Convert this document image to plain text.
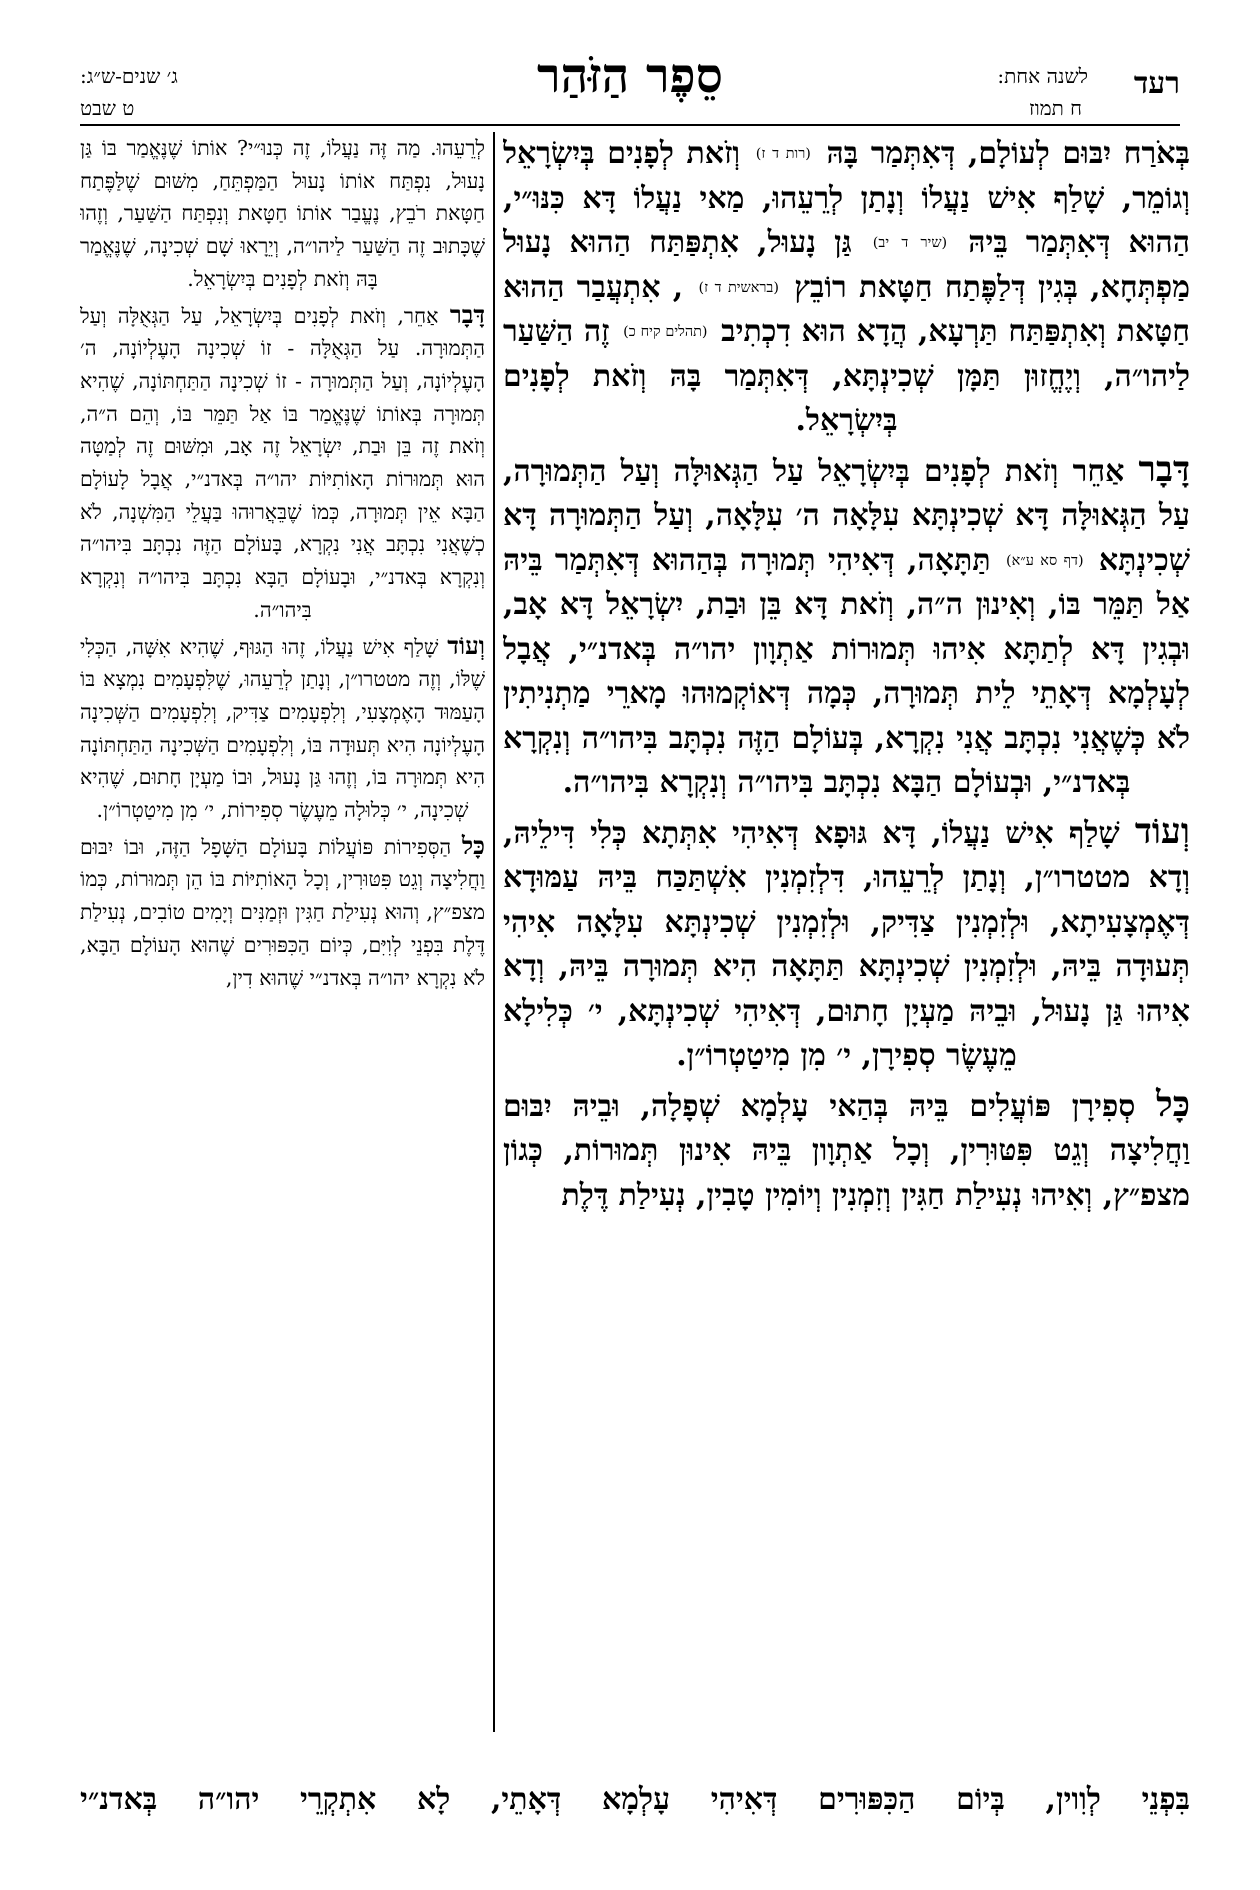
רעד
לשנה אחת:
ח תמוז
סֵפֶר הַזֹּהַר
ג׳ שנים-ש״ג:
ט שבט

בְּאֹרַח יִבּוּם לְעוֹלָם, דְּאִתְּמַר בָּהּ (רות ד ז) וְזֹאת לְפָנִים בְּיִשְׂרָאֵל וְגוֹמֵר, שָׁלַף אִישׁ נַעֲלוֹ וְנָתַן לְרֵעֵהוּ, מַאי נַעֲלוֹ דָּא כִּנּוּ״י, הַהוּא דְּאִתְּמַר בֵּיהּ (שיר ד יב) גַּן נָעוּל, אִתְפַּתַּח הַהוּא נָעוּל מַפְתְּחָא, בְּגִין דְּלַפֶּתַח חַטָּאת רוֹבֵץ (בראשית ד ז) , אִתְעֲבַר הַהוּא חַטָּאת וְאִתְפַּתַּח תַּרְעָא, הֲדָא הוּא דִכְתִיב (תהלים קיח כ) זֶה הַשַּׁעַר לַיהו״ה, וְיֶחֱזוּן תַּמָּן שְׁכִינְתָּא, דְּאִתְּמַר בָּהּ וְזֹאת לְפָנִים בְּיִשְׂרָאֵל.

דָּבָר אַחֵר וְזֹאת לְפָנִים בְּיִשְׂרָאֵל עַל הַגְּאוּלָּה וְעַל הַתְּמוּרָה, עַל הַגְּאוּלָּה דָּא שְׁכִינְתָּא עִלָּאָה ה׳ עִלָּאָה, וְעַל הַתְּמוּרָה דָּא שְׁכִינְתָּא (דף סא ע״א) תַּתָּאָה, דְּאִיהִי תְּמוּרָה בְּהַהוּא דְּאִתְּמַר בֵּיהּ אַל תַּמֵּר בּוֹ, וְאִינוּן ה״ה, וְזֹאת דָּא בֵּן וּבַת, יִשְׂרָאֵל דָּא אָב, וּבְגִין דָּא לְתַתָּא אִיהוּ תְּמוּרוֹת אַתְוָון יהו״ה בְּאדנ״י, אֲבָל לְעָלְמָא דְּאָתֵי לֵית תְּמוּרָה, כְּמָה דְּאוֹקְמוּהוּ מָארֵי מַתְנִיתִין לֹא כְּשֶׁאֲנִי נִכְתָּב אֲנִי נִקְרָא, בְּעוֹלָם הַזֶּה נִכְתָּב בִּיהו״ה וְנִקְרָא בְּאדנ״י, וּבְעוֹלָם הַבָּא נִכְתָּב בִּיהו״ה וְנִקְרָא בִּיהו״ה.

וְעוֹד שָׁלַף אִישׁ נַעֲלוֹ, דָּא גּוּפָא דְּאִיהִי אִתְּתָא כְּלִי דִּילֵיהּ, וְדָא מטטרו״ן, וְנָתַן לְרֵעֵהוּ, דִּלְזִמְנִין אִשְׁתַּכַּח בֵּיהּ עַמּוּדָא דְּאֶמְצָעִיתָא, וּלְזִמְנִין צַדִּיק, וּלְזִמְנִין שְׁכִינְתָּא עִלָּאָה אִיהִי תְּעוּדָה בֵּיהּ, וּלְזִמְנִין שְׁכִינְתָּא תַּתָּאָה הִיא תְּמוּרָה בֵּיהּ, וְדָא אִיהוּ גַּן נָעוּל, וּבֵיהּ מַעְיָן חָתוּם, דְּאִיהִי שְׁכִינְתָּא, י׳ כְּלִילָא מֵעֶשֶׂר סְפִירָן, י׳ מִן מִיטַטְרוֹ״ן.

כָּל סְפִירָן פּוֹעֲלִים בֵּיהּ בְּהַאי עָלְמָא שְׁפָלָה, וּבֵיהּ יִבּוּם וַחֲלִיצָה וְגֵט פִּטּוּרִין, וְכָל אַתְוָון בֵּיהּ אִינוּן תְּמוּרוֹת, כְּגוֹן מצפ״ץ, וְאִיהוּ נְעִילַת חַגִּין וְזִמְנִין וְיוֹמִין טָבִין, נְעִילַת דֶּלֶת

לְרֵעֵהוּ. מַה זֶּה נַעֲלוֹ, זֶה כְּנוּ״י? אוֹתוֹ שֶׁנֶּאֱמַר בּוֹ גַּן נָעוּל, נִפְתַּח אוֹתוֹ נָעוּל הַמַּפְתֵּחַ, מִשּׁוּם שֶׁלַּפֶּתַח חַטָּאת רֹבֵץ, נֶעֱבַר אוֹתוֹ חַטָּאת וְנִפְתַּח הַשַּׁעַר, וְזֶהוּ שֶׁכָּתוּב זֶה הַשַּׁעַר לַיהו״ה, וְיֵרָאוּ שָׁם שְׁכִינָה, שֶׁנֶּאֱמַר בָּהּ וְזֹאת לְפָנִים בְּיִשְׂרָאֵל.

דָּבָר אַחֵר, וְזֹאת לְפָנִים בְּיִשְׂרָאֵל, עַל הַגְּאֻלָּה וְעַל הַתְּמוּרָה. עַל הַגְּאֻלָּה - זוֹ שְׁכִינָה הָעֶלְיוֹנָה, ה׳ הָעֶלְיוֹנָה, וְעַל הַתְּמוּרָה - זוֹ שְׁכִינָה הַתַּחְתּוֹנָה, שֶׁהִיא תְּמוּרָה בְּאוֹתוֹ שֶׁנֶּאֱמַר בּוֹ אַל תַּמֵּר בּוֹ, וְהֵם ה״ה, וְזֹאת זֶה בֵּן וּבַת, יִשְׂרָאֵל זֶה אָב, וּמִשּׁוּם זֶה לְמַטָּה הוּא תְּמוּרוֹת הָאוֹתִיּוֹת יהו״ה בְּאדנ״י, אֲבָל לָעוֹלָם הַבָּא אֵין תְּמוּרָה, כְּמוֹ שֶׁבֵּאֲרוּהוּ בַּעֲלֵי הַמִּשְׁנָה, לֹא כְשֶׁאֲנִי נִכְתָּב אֲנִי נִקְרָא, בָּעוֹלָם הַזֶּה נִכְתָּב בִּיהו״ה וְנִקְרָא בְּאדנ״י, וּבָעוֹלָם הַבָּא נִכְתָּב בִּיהו״ה וְנִקְרָא בִּיהו״ה.

וְעוֹד שָׁלַף אִישׁ נַעֲלוֹ, זֶהוּ הַגּוּף, שֶׁהִיא אִשָּׁה, הַכְּלִי שֶׁלּוֹ, וְזֶה מטטרו״ן, וְנָתַן לְרֵעֵהוּ, שֶׁלִּפְעָמִים נִמְצָא בּוֹ הָעַמּוּד הָאֶמְצָעִי, וְלִפְעָמִים צַדִּיק, וְלִפְעָמִים הַשְּׁכִינָה הָעֶלְיוֹנָה הִיא תְּעוּדָה בּוֹ, וְלִפְעָמִים הַשְּׁכִינָה הַתַּחְתּוֹנָה הִיא תְּמוּרָה בּוֹ, וְזֶהוּ גַּן נָעוּל, וּבוֹ מַעְיָן חָתוּם, שֶׁהִיא שְׁכִינָה, י׳ כְּלוּלָה מֵעֶשֶׂר סְפִירוֹת, י׳ מִן מִיטַטְרוֹ״ן.

כָּל הַסְּפִירוֹת פּוֹעֲלוֹת בָּעוֹלָם הַשָּׁפָל הַזֶּה, וּבוֹ יִבּוּם וַחֲלִיצָה וְגֵט פִּטּוּרִין, וְכָל הָאוֹתִיּוֹת בּוֹ הֵן תְּמוּרוֹת, כְּמוֹ מצפ״ץ, וְהוּא נְעִילַת חַגִּין וּזְמַנִּים וְיָמִים טוֹבִים, נְעִילַת דֶּלֶת בִּפְנֵי לְוִיִּם, כְּיוֹם הַכִּפּוּרִים שֶׁהוּא הָעוֹלָם הַבָּא, לֹא נִקְרָא יהו״ה בְּאדנ״י שֶׁהוּא דִין,

בִּפְנֵי לְוִוין, בְּיוֹם הַכִּפּוּרִים דְּאִיהִי עָלְמָא דְּאָתֵי, לָא אִתְקְרֵי יהו״ה בְּאדנ״י
